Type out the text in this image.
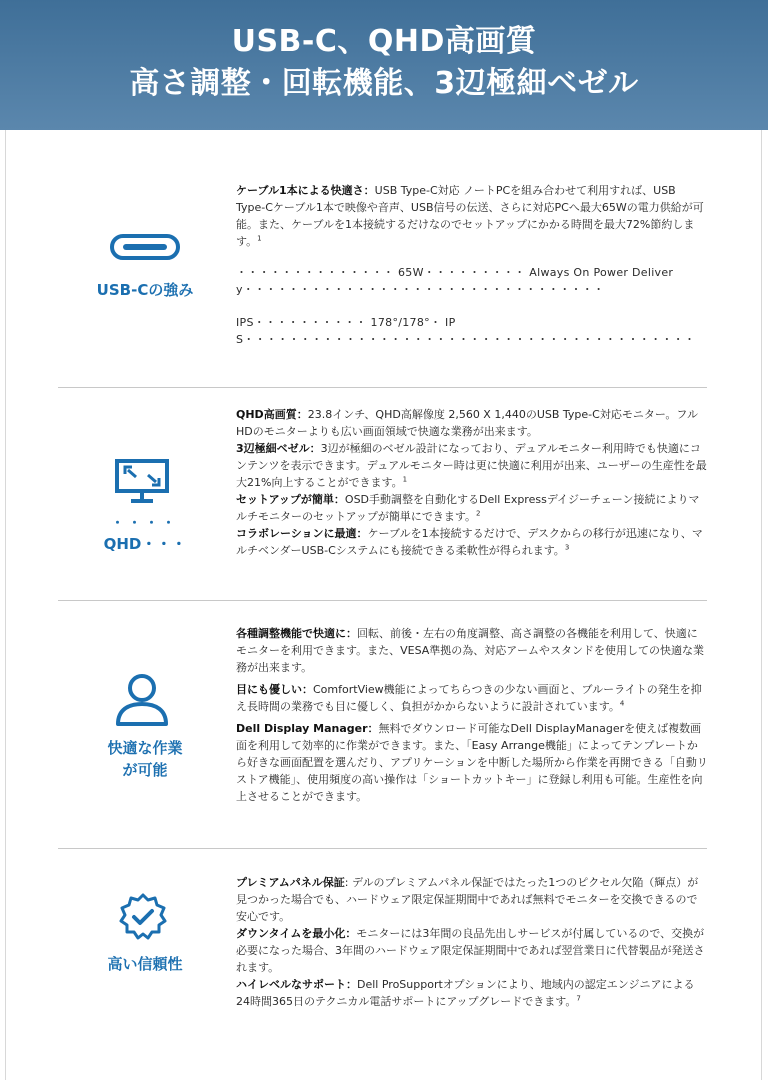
USB-C、QHD高画質
高さ調整・回転機能、3辺極細ベゼル
USB-Cの強み

ケーブル1本による快適さ：USB Type-C対応 ノートPCを組み合わせて利用すれば、USB Type-Cケーブル1本で映像や音声、USB信号の伝送、さらに対応PCへ最大65Wの電力供給が可能。また、ケーブルを1本接続するだけなのでセットアップにかかる時間を最大72%節約します。$^1$

・・・・・・・・・・・・・・ 65W・・・・・・・・・ Always On Power Delivery・・・・・・・・・・・・・・・・・・・・・・・・・・・・・・・・
IPS・・・・・・・・・・ 178°/178°・ IPS・・・・・・・・・・・・・・・・・・・・・・・・・・・・・・・・・・・・・・・・
・・・・
QHD・・・

QHD高画質：23.8インチ、QHD高解像度 2,560 X 1,440のUSB Type-C対応モニター。フルHDのモニターよりも広い画面領域で快適な業務が出来ます。

3辺極細ベゼル：3辺が極細のベゼル設計になっており、デュアルモニター利用時でも快適にコンテンツを表示できます。デュアルモニター時は更に快適に利用が出来、ユーザーの生産性を最大21%向上することができます。$^1$

セットアップが簡単：OSD手動調整を自動化するDell Expressデイジーチェーン接続によりマルチモニターのセットアップが簡単にできます。$^2$

コラボレーションに最適：ケーブルを1本接続するだけで、デスクからの移行が迅速になり、マルチベンダーUSB-Cシステムにも接続できる柔軟性が得られます。$^3$

快適な作業
が可能

各種調整機能で快適に：回転、前後・左右の角度調整、高さ調整の各機能を利用して、快適にモニターを利用できます。また、VESA準拠の為、対応アームやスタンドを使用しての快適な業務が出来ます。

目にも優しい：ComfortView機能によってちらつきの少ない画面と、ブルーライトの発生を抑え長時間の業務でも目に優しく、負担がかからないように設計されています。$^4$

Dell Display Manager：無料でダウンロード可能なDell DisplayManagerを使えば複数画面を利用して効率的に作業ができます。また、「Easy Arrange機能」によってテンプレートから好きな画面配置を選んだり、アプリケーションを中断した場所から作業を再開できる「自動リストア機能」、使用頻度の高い操作は「ショートカットキー」に登録し利用も可能。生産性を向上させることができます。

高い信頼性

プレミアムパネル保証: デルのプレミアムパネル保証ではたった1つのピクセル欠陥（輝点）が見つかった場合でも、ハードウェア限定保証期間中であれば無料でモニターを交換できるので安心です。

ダウンタイムを最小化：モニターには3年間の良品先出しサービスが付属しているので、交換が必要になった場合、3年間のハードウェア限定保証期間中であれば翌営業日に代替製品が発送されます。

ハイレベルなサポート：Dell ProSupportオプションにより、地域内の認定エンジニアによる24時間365日のテクニカル電話サポートにアップグレードできます。$^7$
